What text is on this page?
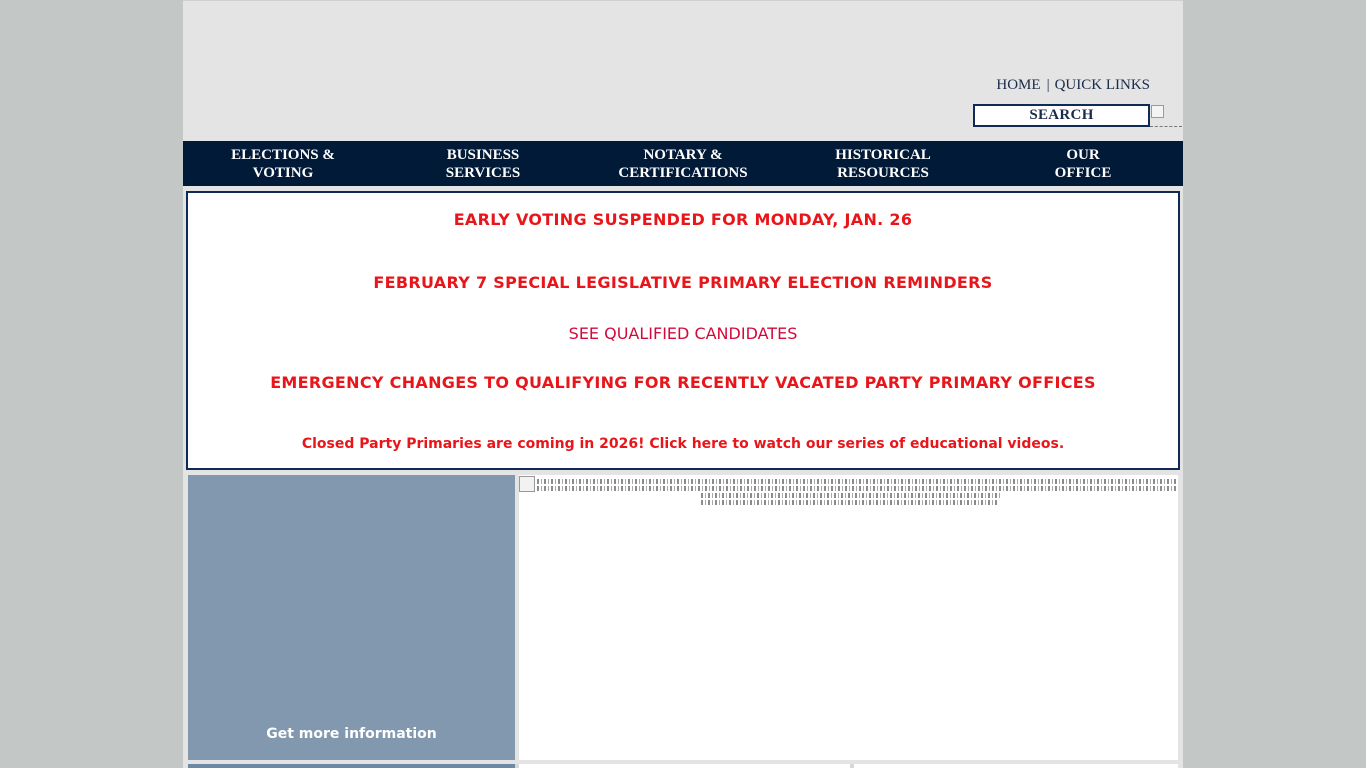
HOME | QUICK LINKS
SEARCH
ELECTIONS &
VOTING
BUSINESS
SERVICES
NOTARY &
CERTIFICATIONS
HISTORICAL
RESOURCES
OUR
OFFICE
EARLY VOTING SUSPENDED FOR MONDAY, JAN. 26
FEBRUARY 7 SPECIAL LEGISLATIVE PRIMARY ELECTION REMINDERS
SEE QUALIFIED CANDIDATES
EMERGENCY CHANGES TO QUALIFYING FOR RECENTLY VACATED PARTY PRIMARY OFFICES
Closed Party Primaries are coming in 2026! Click here to watch our series of educational videos.
Get more information
